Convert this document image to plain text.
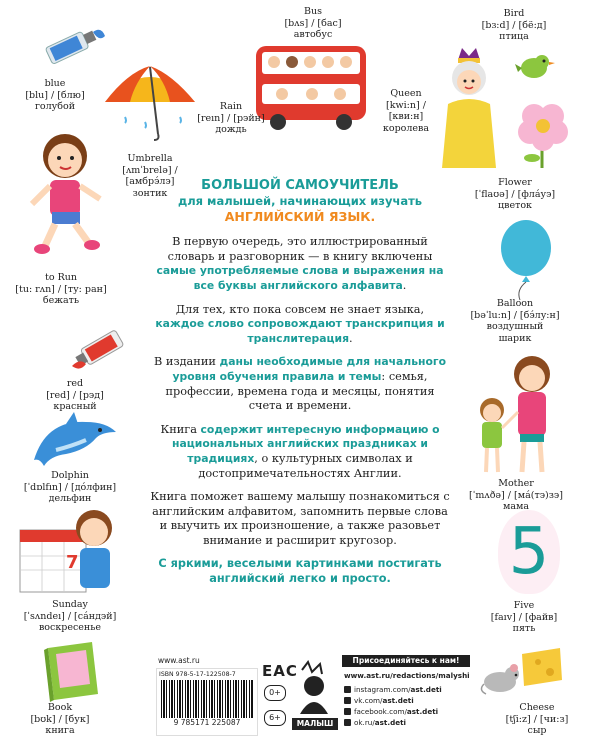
7	5
blue
[blu] / [блю]
голубой	Rain
[reın] / [рэйн]
дождь
Umbrella
[ʌmˈbrelə] /
[амбрэ́лэ]
зонтик
Bus
[bʌs] / [бас]
автобус
Queen
[kwi:n] /
[кви:н]
королева
Bird
[bɜ:d] / [бё:д]
птица
Flower
[ˈflaʊə] / [фла́уэ]
цветок
to Run
[tu: rʌn] / [ту: ран]
бежать	Balloon
[bəˈlu:n] / [бэ́лу:н]
воздушный
шарик
red
[red] / [рэд]
красный
Dolphin
[ˈdɒlfın] / [до́лфин]
дельфин
Mother
[ˈmʌðə] / [ма́(тэ)зэ]
мама
Sunday
[ˈsʌndeı] / [са́ндэй]
воскресенье
Five
[faıv] / [файв]
пять
Book
[bʊk] / [бук]
книга
Cheese
[tʃi:z] / [чи:з]
сыр

БОЛЬШОЙ САМОУЧИТЕЛЬ
для малышей, начинающих изучать
АНГЛИЙСКИЙ ЯЗЫК.

В первую очередь, это иллюстрированный словарь и разговорник — в книгу включены самые употребляемые слова и выражения на все буквы английского алфавита.

Для тех, кто пока совсем не знает языка, каждое слово сопровождают транскрипция и транслитерация.

В издании даны необходимые для начального уровня обучения правила и темы: семья, профессии, времена года и месяцы, понятия счета и времени.

Книга содержит интересную информацию о национальных английских праздниках и традициях, о культурных символах и достопримечательностях Англии.

Книга поможет вашему малышу познакомиться с английским алфавитом, запомнить первые слова и выучить их произношение, а также разовьет внимание и расширит кругозор.

С яркими, веселыми картинками постигать английский легко и просто.

www.ast.ru
ISBN 978-5-17-122508-7
9 785171 225087
EAC
0+
6+
МАЛЫШ
Присоединяйтесь к нам!
www.ast.ru/redactions/malyshi
instagram.com/ast.deti
vk.com/ast.deti
facebook.com/ast.deti
ok.ru/ast.deti
